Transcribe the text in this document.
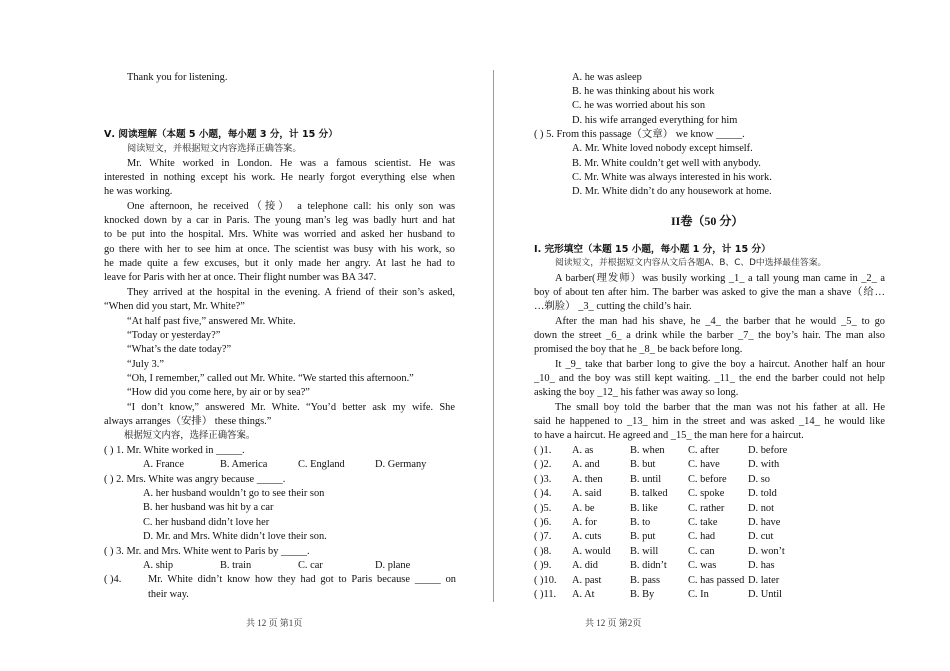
Thank you for listening.
Ⅴ. 阅读理解（本题 5 小题，每小题 3 分，计 15 分）
阅读短文，并根据短文内容选择正确答案。
Mr. White worked in London. He was a famous scientist. He was
interested in nothing except his work. He nearly forgot everything else when
he was working.
One afternoon, he received（接） a telephone call: his only son was
knocked down by a car in Paris. The young man’s leg was badly hurt and hat
to be put into the hospital. Mrs. White was worried and asked her husband to
go there with her to see him at once. The scientist was busy with his work, so
he made quite a few excuses, but it only made her angry. At last he had to
leave for Paris with her at once. Their flight number was BA 347.
They arrived at the hospital in the evening. A friend of their son’s asked,
“When did you start, Mr. White?”
“At half past five,” answered Mr. White.
“Today or yesterday?”
“What’s the date today?”
“July 3.”
“Oh, I remember,” called out Mr. White. “We started this afternoon.”
“How did you come here, by air or by sea?”
“I don’t know,” answered Mr. White. “You’d better ask my wife. She
always arranges（安排） these things.”
根据短文内容，选择正确答案。
( ) 1. Mr. White worked in _____.
A. France	B. America	C. England	D. Germany
( ) 2. Mrs. White was angry because _____.
A. her husband wouldn’t go to see their son
B. her husband was hit by a car
C. her husband didn’t love her
D. Mr. and Mrs. White didn’t love their son.
( ) 3. Mr. and Mrs. White went to Paris by _____.
A. ship	B. train	C. car	D. plane
( )4.	Mr. White didn’t know how they had got to Paris because _____ on
their way.
共 12 页 第1页
A. he was asleep
B. he was thinking about his work
C. he was worried about his son
D. his wife arranged everything for him
( ) 5. From this passage（文章） we know _____.
A. Mr. White loved nobody except himself.
B. Mr. White couldn’t get well with anybody.
C. Mr. White was always interested in his work.
D. Mr. White didn’t do any housework at home.
II卷（50 分）
Ⅰ. 完形填空（本题 15 小题，每小题 1 分，计 15 分）
阅读短文，并根据短文内容从文后各题A、B、C、D中选择最佳答案。
A barber(理发师）was busily working _1_ a tall young man came in _2_ a
boy of about ten after him. The barber was asked to give the man a shave（给…
…剃脸） _3_ cutting the child’s hair.
After the man had his shave, he _4_ the barber that he would _5_ to go
down the street _6_ a drink while the barber _7_ the boy’s hair. The man also
promised the boy that he _8_ be back before long.
It _9_ take that barber long to give the boy a haircut. Another half an hour
_10_ and the boy was still kept waiting. _11_ the end the barber could not help
asking the boy _12_ his father was away so long.
The small boy told the barber that the man was not his father at all. He
said he happened to _13_ him in the street and was asked _14_ he would like
to have a haircut. He agreed and _15_ the man here for a haircut.
( )1. A. as	B. when C. after	D. before
( )2. A. and	B. but	C. have	D. with
( )3. A. then	B. until	C. before D. so
( )4. A. said	B. talked C. spoke D. told
( )5. A. be	B. like	C. rather D. not
( )6. A. for	B. to	C. take	D. have
( )7. A. cuts	B. put	C. had	D. cut
( )8. A. would B. will	C. can	D. won’t
( )9. A. did	B. didn’t C. was	D. has
( )10. A. past	B. pass	C. has passed D. later
( )11. A. At	B. By	C. In	D. Until
共 12 页 第2页
